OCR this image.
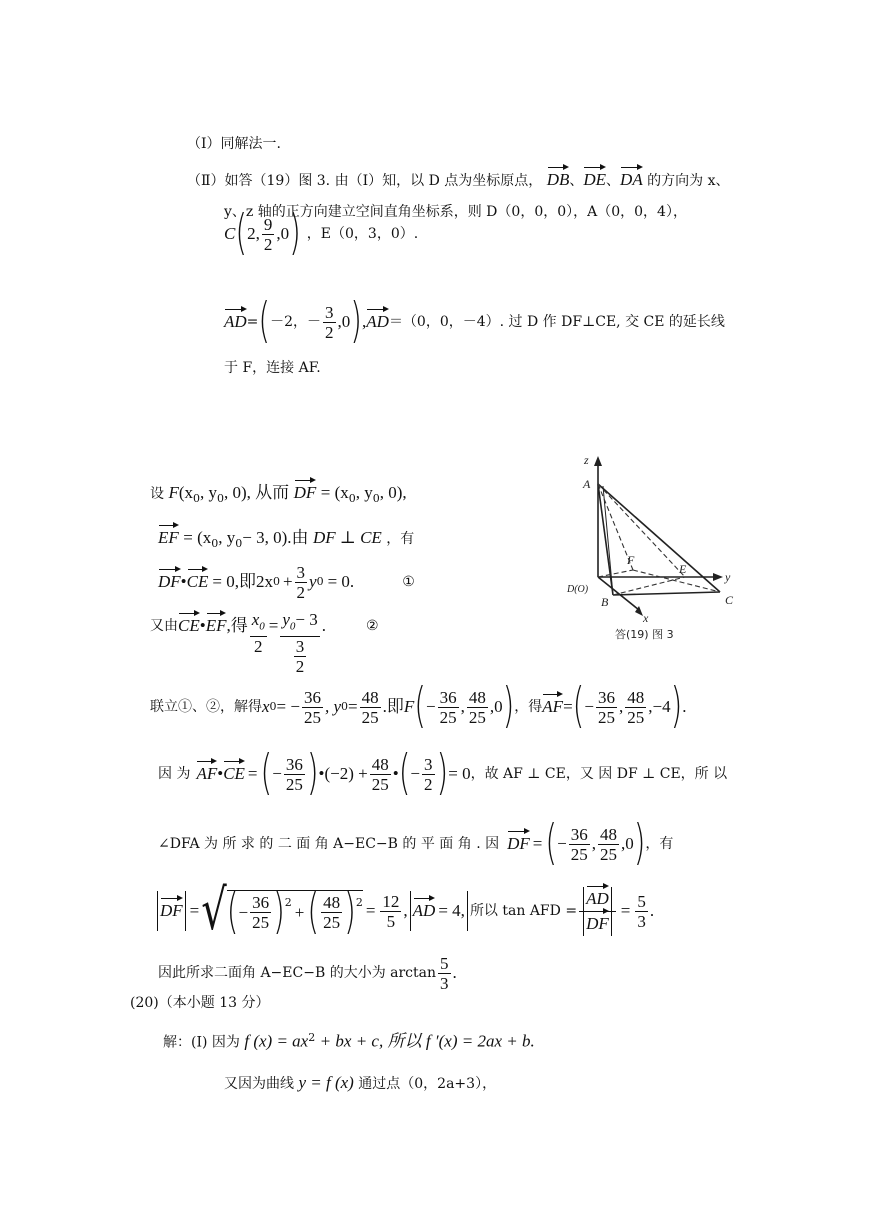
（Ⅰ）同解法一.
（Ⅱ）如答（19）图 3. 由（Ⅰ）知，以 D 点为坐标原点， DB、DE、DA 的方向为 x、
y、z 轴的正方向建立空间直角坐标系，则 D（0，0，0），A（0，0，4），
C ( 2, $\frac{9}{2} ,0$ ) ，E（0，3，0）.
AD = ( －2，－ $\frac{3}{2} ,0$ ) , AD ＝（0，0，－4）. 过 D 作 DF⊥CE, 交 CE 的延长线
于 F，连接 AF.
z
A
y
x
B	C
D(O)
E
F
答(19) 图 3
设 $F(x_0$, $y_0$, 0), 从而 DF = ($x_0$, $y_0$, 0),
EF = ($x_0$, $y_0- 3$, 0).由 DF ⊥ CE ，有
DF • CE = 0,即2x $0 + \frac{3}{2}$ y 0 = 0.	①
又由 CE • EF ,得 $\frac{x_0}{2} = y_0- 3$
3
2 .	②
联立①、②，解得 x 0 = − $\frac{36}{25}$ , y $0 = \frac{48}{25}$ .即 F ( − $\frac{36}{25}$ , 48
25
,0 ) ，得 AF = ( − $\frac{36}{25}$ , 48
25
,−4 ) .
因 为 AF • CE = ( − $\frac{36}{25}$ ) •(−2) + $\frac{48}{25}$ • ( − $\frac{3}{2}$ ) = 0 ，故 AF ⊥ CE，又 因 DF ⊥ CE，所 以
∠DFA 为 所 求 的 二 面 角 A−EC−B 的 平 面 角 . 因 DF = ( − $\frac{36}{25}$ , 48
25
,0 ) ，有
DF = √ ( − $\frac{36}{25} )^2$ + ( 48
25 )$^2 = \frac{12}{5}$ , AD = 4, 所以 tan AFD = $\frac{AD}{DF} = \frac{5}{3}$ .
因此所求二面角 A−EC−B 的大小为 arctan
5
3
.
(20)（本小题 13 分）
解：(Ⅰ) 因为 f $(x) = ax^2$ + bx + c, 所以 f ′(x) = 2ax + b.
又因为曲线 y = f (x) 通过点（0，2a+3），
